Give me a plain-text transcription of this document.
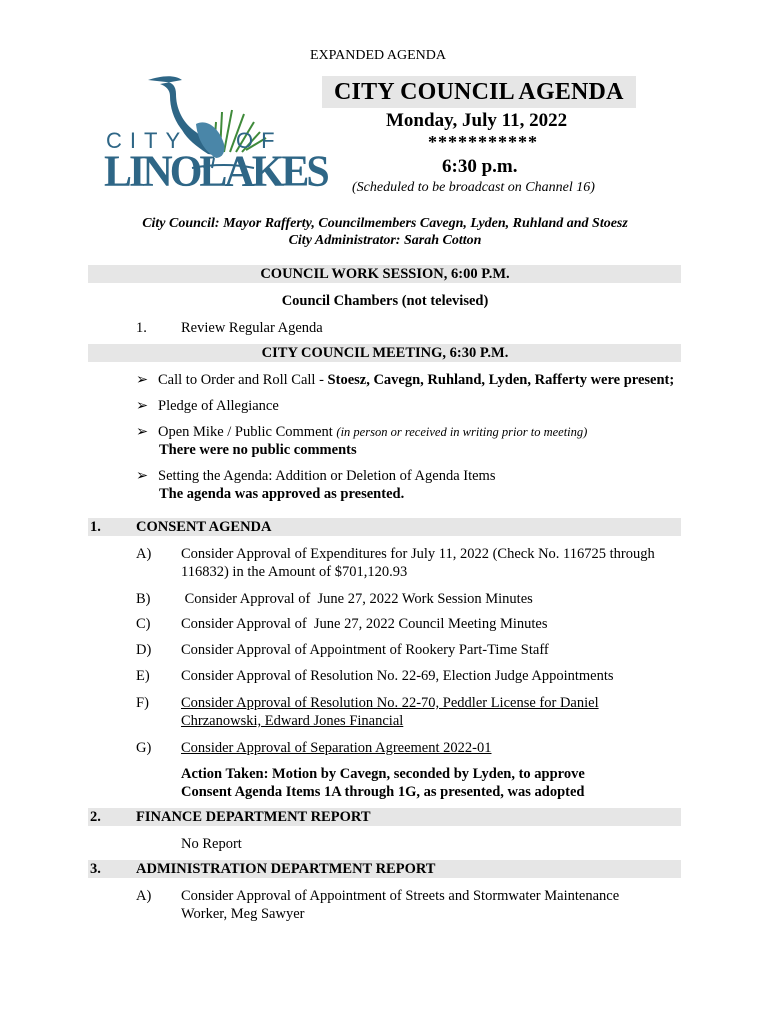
EXPANDED AGENDA
CITY COUNCIL AGENDA
Monday, July 11, 2022
***********
6:30 p.m.
(Scheduled to be broadcast on Channel 16)
CITY OF
LINOLAKES
City Council: Mayor Rafferty, Councilmembers Cavegn, Lyden, Ruhland and Stoesz
City Administrator: Sarah Cotton
COUNCIL WORK SESSION, 6:00 P.M.
Council Chambers (not televised)
1. Review Regular Agenda
CITY COUNCIL MEETING, 6:30 P.M.
➢ Call to Order and Roll Call - Stoesz, Cavegn, Ruhland, Lyden, Rafferty were present;
➢ Pledge of Allegiance
➢ Open Mike / Public Comment (in person or received in writing prior to meeting)
There were no public comments
➢ Setting the Agenda: Addition or Deletion of Agenda Items
The agenda was approved as presented.
1. CONSENT AGENDA
A) Consider Approval of Expenditures for July 11, 2022 (Check No. 116725 through
116832) in the Amount of $701,120.93
B) Consider Approval of  June 27, 2022 Work Session Minutes
C) Consider Approval of  June 27, 2022 Council Meeting Minutes
D) Consider Approval of Appointment of Rookery Part-Time Staff
E) Consider Approval of Resolution No. 22-69, Election Judge Appointments
F) Consider Approval of Resolution No. 22-70, Peddler License for Daniel
Chrzanowski, Edward Jones Financial
G) Consider Approval of Separation Agreement 2022-01
Action Taken: Motion by Cavegn, seconded by Lyden, to approve
Consent Agenda Items 1A through 1G, as presented, was adopted
2. FINANCE DEPARTMENT REPORT
No Report
3. ADMINISTRATION DEPARTMENT REPORT
A) Consider Approval of Appointment of Streets and Stormwater Maintenance
Worker, Meg Sawyer
